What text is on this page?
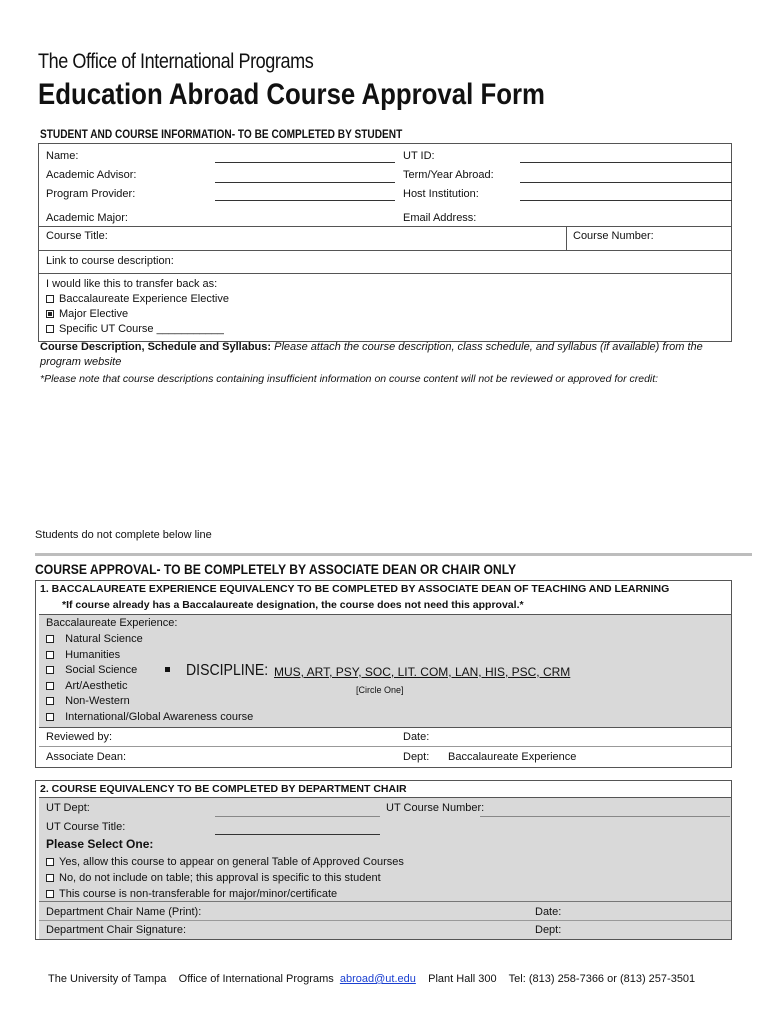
The Office of International Programs
Education Abroad Course Approval Form
STUDENT AND COURSE INFORMATION- TO BE COMPLETED BY STUDENT
Name:	UT ID:
Academic Advisor:	Term/Year Abroad:
Program Provider:	Host Institution:
Academic Major:	Email Address:
Course Title:	Course Number:
Link to course description:
I would like this to transfer back as:
Baccalaureate Experience Elective
Major Elective
Specific UT Course ___________
Course Description, Schedule and Syllabus: Please attach the course description, class schedule, and syllabus (if available) from the
program website
*Please note that course descriptions containing insufficient information on course content will not be reviewed or approved for credit:
Students do not complete below line
COURSE APPROVAL- TO BE COMPLETELY BY ASSOCIATE DEAN OR CHAIR ONLY
1. BACCALAUREATE EXPERIENCE EQUIVALENCY TO BE COMPLETED BY ASSOCIATE DEAN OF TEACHING AND LEARNING
*If course already has a Baccalaureate designation, the course does not need this approval.*
Baccalaureate Experience:
Natural Science
Humanities
Social Science
Art/Aesthetic
Non-Western
International/Global Awareness course
DISCIPLINE: MUS, ART, PSY, SOC, LIT. COM, LAN, HIS, PSC, CRM
[Circle One]
Reviewed by:	Date:
Associate Dean:	Dept: Baccalaureate Experience
2. COURSE EQUIVALENCY TO BE COMPLETED BY DEPARTMENT CHAIR
UT Dept:	UT Course Number:
UT Course Title:
Please Select One:
Yes, allow this course to appear on general Table of Approved Courses
No, do not include on table; this approval is specific to this student
This course is non-transferable for major/minor/certificate
Department Chair Name (Print):	Date:
Department Chair Signature:	Dept:
The University of Tampa Office of International Programs abroad@ut.edu Plant Hall 300 Tel: (813) 258-7366 or (813) 257-3501
